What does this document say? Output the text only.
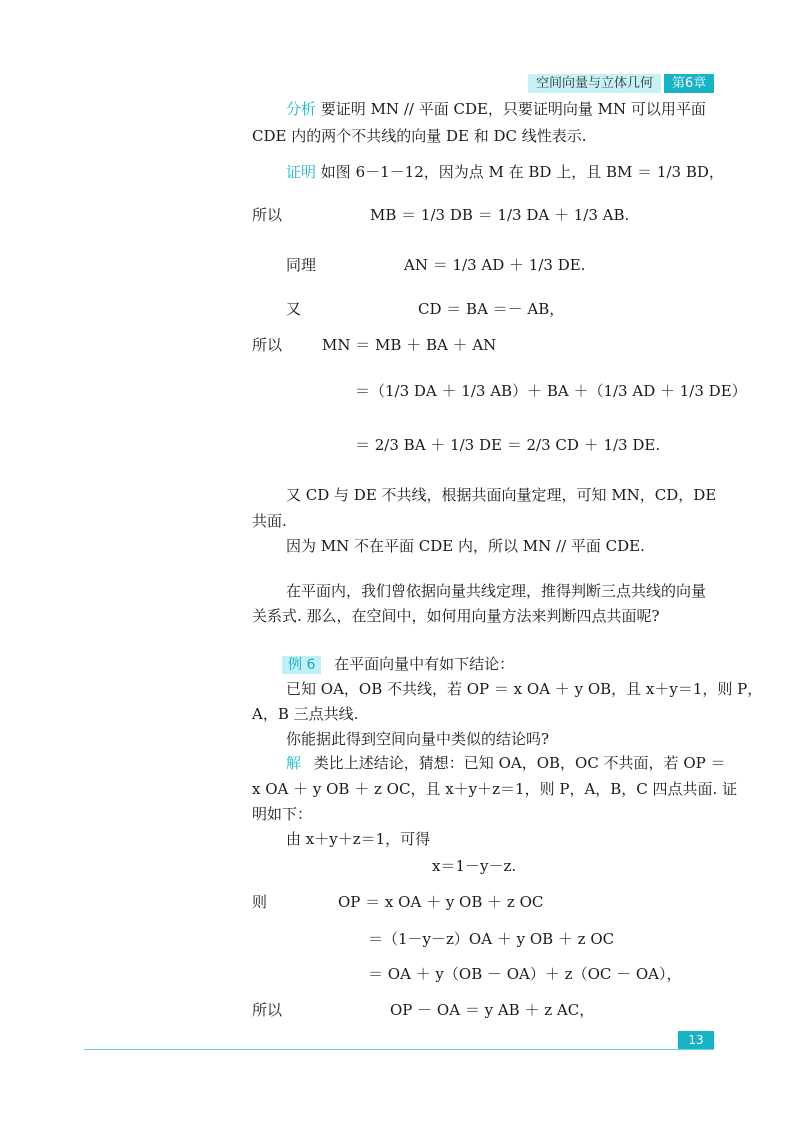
空间向量与立体几何 第6章
分析 要证明 MN // 平面 CDE，只要证明向量 MN 可以用平面
CDE 内的两个不共线的向量 DE 和 DC 线性表示.
证明 如图 6－1－12，因为点 M 在 BD 上，且 BM ＝ 1/3 BD，
所以	MB ＝ 1/3 DB ＝ 1/3 DA ＋ 1/3 AB.
同理	AN ＝ 1/3 AD ＋ 1/3 DE.
又	CD ＝ BA ＝－ AB，
所以	MN ＝ MB ＋ BA ＋ AN
＝（1/3 DA ＋ 1/3 AB）＋ BA ＋（1/3 AD ＋ 1/3 DE）
＝ 2/3 BA ＋ 1/3 DE ＝ 2/3 CD ＋ 1/3 DE.
又 CD 与 DE 不共线，根据共面向量定理，可知 MN，CD，DE
共面.
因为 MN 不在平面 CDE 内，所以 MN // 平面 CDE.
在平面内，我们曾依据向量共线定理，推得判断三点共线的向量
关系式. 那么，在空间中，如何用向量方法来判断四点共面呢?
例 6 在平面向量中有如下结论：
已知 OA，OB 不共线，若 OP ＝ x OA ＋ y OB，且 x＋y＝1，则 P，
A，B 三点共线.
你能据此得到空间向量中类似的结论吗?
解 类比上述结论，猜想：已知 OA，OB，OC 不共面，若 OP ＝
x OA ＋ y OB ＋ z OC，且 x＋y＋z＝1，则 P，A，B，C 四点共面. 证
明如下：
由 x＋y＋z＝1，可得
x＝1－y－z.
则	OP ＝ x OA ＋ y OB ＋ z OC
＝（1－y－z）OA ＋ y OB ＋ z OC
＝ OA ＋ y（OB － OA）＋ z（OC － OA），
所以	OP － OA ＝ y AB ＋ z AC，
13
